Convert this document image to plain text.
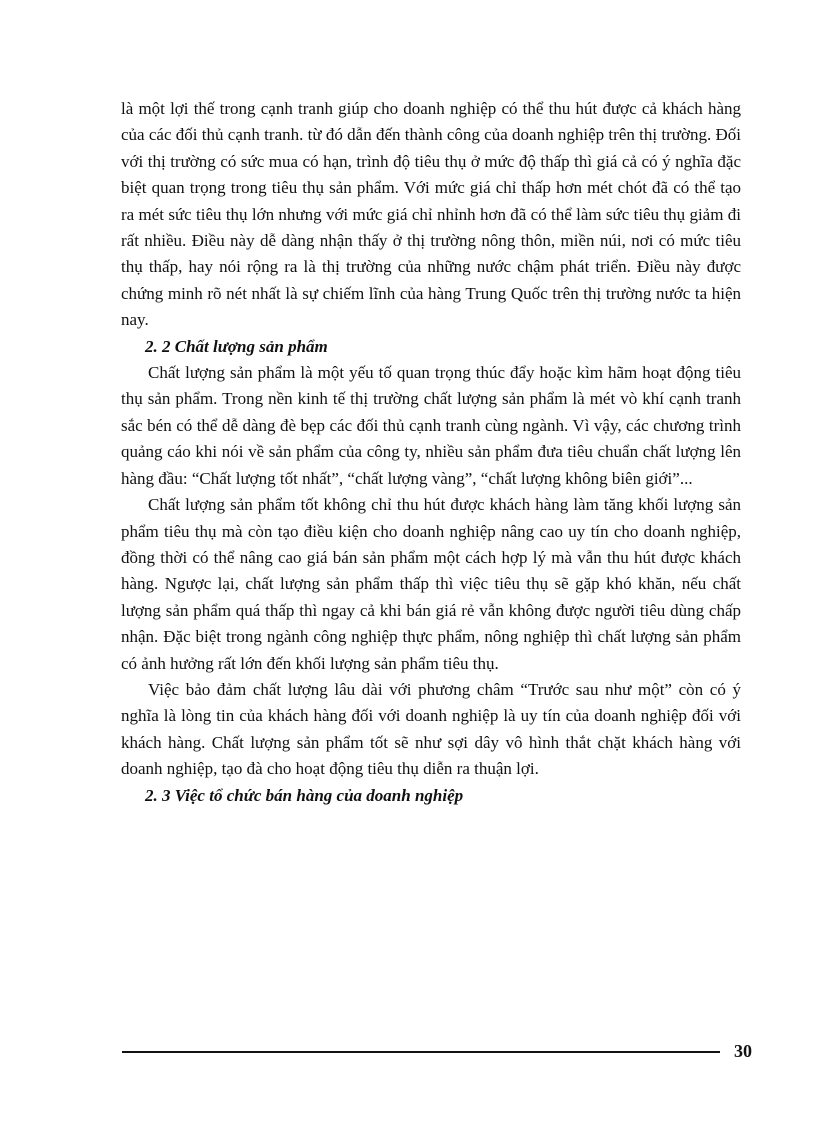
là một lợi thế trong cạnh tranh giúp cho doanh nghiệp có thể thu hút được cả khách hàng của các đối thủ cạnh tranh. từ đó dẫn đến thành công của doanh nghiệp trên thị trường. Đối với thị trường có sức mua có hạn, trình độ tiêu thụ ở mức độ thấp thì giá cả có ý nghĩa đặc biệt quan trọng trong tiêu thụ sản phẩm. Với mức giá chỉ thấp hơn mét chót đã có thể tạo ra mét sức tiêu thụ lớn nhưng với mức giá chỉ nhỉnh hơn đã có thể làm sức tiêu thụ giảm đi rất nhiều. Điều này dễ dàng nhận thấy ở thị trường nông thôn, miền núi, nơi có mức tiêu thụ thấp, hay nói rộng ra là thị trường của những nước chậm phát triển. Điều này được chứng minh rõ nét nhất là sự chiếm lĩnh của hàng Trung Quốc trên thị trường nước ta hiện nay.

2. 2 Chất lượng sản phẩm

Chất lượng sản phẩm là một yếu tố quan trọng thúc đẩy hoặc kìm hãm hoạt động tiêu thụ sản phẩm. Trong nền kinh tế thị trường chất lượng sản phẩm là mét vò khí cạnh tranh sắc bén có thể dễ dàng đè bẹp các đối thủ cạnh tranh cùng ngành. Vì vậy, các chương trình quảng cáo khi nói về sản phẩm của công ty, nhiều sản phẩm đưa tiêu chuẩn chất lượng lên hàng đầu: “Chất lượng tốt nhất”, “chất lượng vàng”, “chất lượng không biên giới”...

Chất lượng sản phẩm tốt không chỉ thu hút được khách hàng làm tăng khối lượng sản phẩm tiêu thụ mà còn tạo điều kiện cho doanh nghiệp nâng cao uy tín cho doanh nghiệp, đồng thời có thể nâng cao giá bán sản phẩm một cách hợp lý mà vẫn thu hút được khách hàng. Ngược lại, chất lượng sản phẩm thấp thì việc tiêu thụ sẽ gặp khó khăn, nếu chất lượng sản phẩm quá thấp thì ngay cả khi bán giá rẻ vẫn không được người tiêu dùng chấp nhận. Đặc biệt trong ngành công nghiệp thực phẩm, nông nghiệp thì chất lượng sản phẩm có ảnh hưởng rất lớn đến khối lượng sản phẩm tiêu thụ.

Việc bảo đảm chất lượng lâu dài với phương châm “Trước sau như một” còn có ý nghĩa là lòng tin của khách hàng đối với doanh nghiệp là uy tín của doanh nghiệp đối với khách hàng. Chất lượng sản phẩm tốt sẽ như sợi dây vô hình thắt chặt khách hàng với doanh nghiệp, tạo đà cho hoạt động tiêu thụ diễn ra thuận lợi.

2. 3 Việc tổ chức bán hàng của doanh nghiệp

30
